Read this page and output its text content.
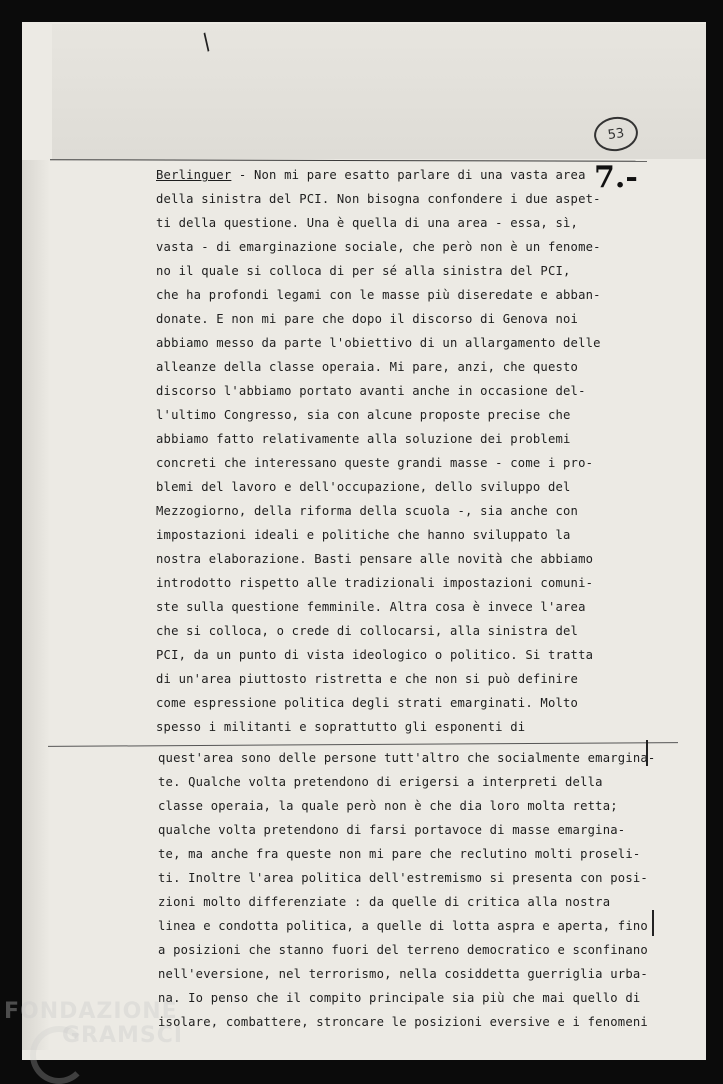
/
53
7.-
Berlinguer - Non mi pare esatto parlare di una vasta area
della sinistra del PCI. Non bisogna confondere i due aspet-
ti della questione. Una è quella di una area - essa, sì,
vasta - di emarginazione sociale, che però non è un fenome-
no il quale si colloca di per sé alla sinistra del PCI,
che ha profondi legami con le masse più diseredate e abban-
donate. E non mi pare che dopo il discorso di Genova noi
abbiamo messo da parte l'obiettivo di un allargamento delle
alleanze della classe operaia. Mi pare, anzi, che questo
discorso l'abbiamo portato avanti anche in occasione del-
l'ultimo Congresso, sia con alcune proposte precise che
abbiamo fatto relativamente alla soluzione dei problemi
concreti che interessano queste grandi masse - come i pro-
blemi del lavoro e dell'occupazione, dello sviluppo del
Mezzogiorno, della riforma della scuola -, sia anche con
impostazioni ideali e politiche che hanno sviluppato la
nostra elaborazione. Basti pensare alle novità che abbiamo
introdotto rispetto alle tradizionali impostazioni comuni-
ste sulla questione femminile. Altra cosa è invece l'area
che si colloca, o crede di collocarsi, alla sinistra del
PCI, da un punto di vista ideologico o politico. Si tratta
di un'area piuttosto ristretta e che non si può definire
come espressione politica degli strati emarginati. Molto
spesso i militanti e soprattutto gli esponenti di
quest'area sono delle persone tutt'altro che socialmente emargina-
te. Qualche volta pretendono di erigersi a interpreti della
classe operaia, la quale però non è che dia loro molta retta;
qualche volta pretendono di farsi portavoce di masse emargina-
te, ma anche fra queste non mi pare che reclutino molti proseli-
ti. Inoltre l'area politica dell'estremismo si presenta con posi-
zioni molto differenziate : da quelle di critica alla nostra
linea e condotta politica, a quelle di lotta aspra e aperta, fino
a posizioni che stanno fuori del terreno democratico e sconfinano
nell'eversione, nel terrorismo, nella cosiddetta guerriglia urba-
na. Io penso che il compito principale sia più che mai quello di
isolare, combattere, stroncare le posizioni eversive e i fenomeni
FONDAZIONE
GRAMSCI
